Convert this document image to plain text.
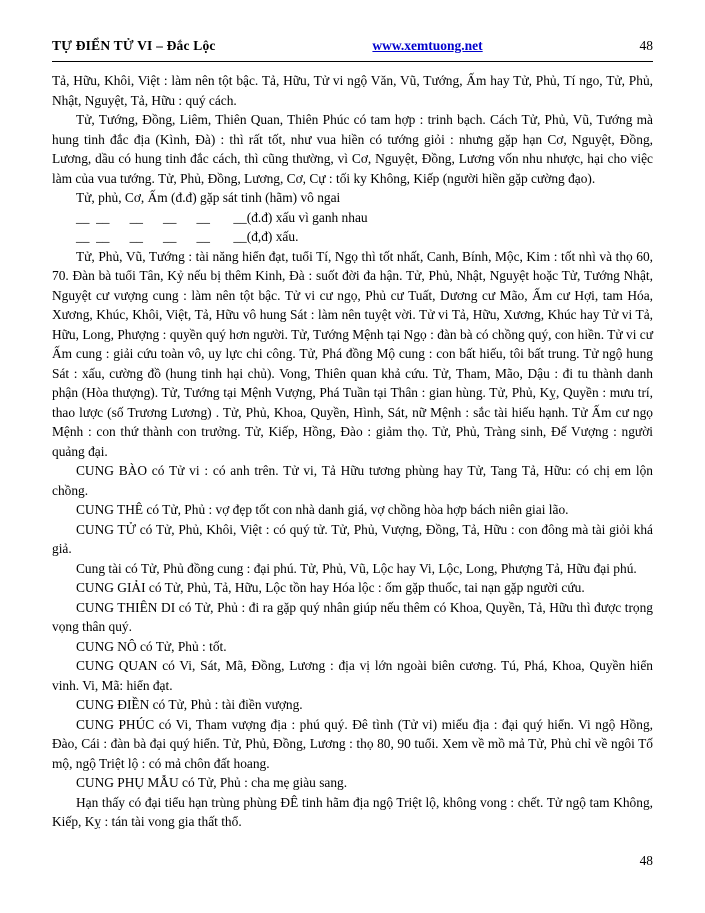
TỰ ĐIỂN TỬ VI – Đắc Lộc	www.xemtuong.net	48

Tả, Hữu, Khôi, Việt : làm nên tột bậc. Tả, Hữu, Tử vi ngộ Văn, Vũ, Tướng, Ấm hay Tử, Phủ, Tí ngo, Tử, Phủ, Nhật, Nguyệt, Tả, Hữu : quý cách.

Tử, Tướng, Đồng, Liêm, Thiên Quan, Thiên Phúc có tam hợp : trinh bạch. Cách Tử, Phủ, Vũ, Tướng mà hung tinh đắc địa (Kình, Đà) : thì rất tốt, như vua hiền có tướng giỏi : nhưng gặp hạn Cơ, Nguyệt, Đồng, Lương, dầu có hung tinh đắc cách, thì cũng thường, vì Cơ, Nguyệt, Đồng, Lương vốn nhu nhược, hại cho việc làm của vua tướng. Tử, Phủ, Đồng, Lương, Cơ, Cự : tối ky Không, Kiếp (người hiền gặp cường đạo).

Tử, phủ, Cơ, Ấm (đ.đ) gặp sát tinh (hãm) vô ngai

__  __      __      __      __       __(đ.đ) xấu vì ganh nhau

__  __      __      __      __       __(đ,đ) xấu.

Tử, Phủ, Vũ, Tướng : tài năng hiển đạt, tuổi Tí, Ngọ thì tốt nhất, Canh, Bính, Mộc, Kim : tốt nhì và thọ 60, 70. Đàn bà tuổi Tân, Kỷ nếu bị thêm Kinh, Đà : suốt đời đa hận. Tử, Phủ, Nhật, Nguyệt hoặc Tử, Tướng Nhật, Nguyệt cư vượng cung : làm nên tột bậc. Tử vi cư ngọ, Phủ cư Tuất, Dương cư Mão, Ấm cư Hợi, tam Hóa, Xương, Khúc, Khôi, Việt, Tả, Hữu vô hung Sát : làm nên tuyệt vời. Tử vi Tả, Hữu, Xương, Khúc hay Tử vi Tả, Hữu, Long, Phượng : quyền quý hơn người. Tử, Tướng Mệnh tại Ngọ : đàn bà có chồng quý, con hiền. Tử vi cư Ấm cung : giải cứu toàn vô, uy lực chi công. Tử, Phá đồng Mộ cung : con bất hiếu, tôi bất trung. Tử ngộ hung Sát : xấu, cường đồ (hung tinh hại chủ). Vong, Thiên quan khả cứu. Tử, Tham, Mão, Dậu : đi tu thành danh phận (Hòa thượng). Tử, Tướng tại Mệnh Vượng, Phá Tuần tại Thân : gian hùng. Tử, Phủ, Kỵ, Quyền : mưu trí, thao lược (số Trương Lương) . Tử, Phủ, Khoa, Quyền, Hình, Sát, nữ Mệnh : sắc tài hiếu hạnh. Tử Ấm cư ngọ Mệnh : con thứ thành con trưởng. Tử, Kiếp, Hồng, Đào : giảm thọ. Tử, Phủ, Tràng sinh, Đế Vượng : người quảng đại.

CUNG BÀO có Tử vi : có anh trên. Tử vi, Tả Hữu tương phùng hay Tử, Tang Tả, Hữu: có chị em lộn chồng.

CUNG THÊ có Tử, Phủ : vợ đẹp tốt con nhà danh giá, vợ chồng hòa hợp bách niên giai lão.

CUNG TỬ có Tử, Phủ, Khôi, Việt : có quý tử. Tử, Phủ, Vượng, Đồng, Tả, Hữu : con đông mà tài giỏi khá giả.

Cung tài có Tử, Phủ đồng cung : đại phú. Tử, Phủ, Vũ, Lộc hay Vi, Lộc, Long, Phượng Tả, Hữu đại phú.

CUNG GIẢI có Tử, Phủ, Tả, Hữu, Lộc tồn hay Hóa lộc : ốm gặp thuốc, tai nạn gặp người cứu.

CUNG THIÊN DI có Tử, Phủ : đi ra gặp quý nhân giúp nếu thêm có Khoa, Quyền, Tả, Hữu thì được trọng vọng thân quý.

CUNG NÔ có Tử, Phủ : tốt.

CUNG QUAN có Vi, Sát, Mã, Đồng, Lương : địa vị lớn ngoài biên cương. Tú, Phá, Khoa, Quyền hiển vinh. Vi, Mã: hiển đạt.

CUNG ĐIỀN có Tử, Phủ : tài điền vượng.

CUNG PHÚC có Vi, Tham vượng địa : phú quý. Đê tình (Tử vi) miếu địa : đại quý hiển. Vi ngộ Hồng, Đào, Cái : đàn bà đại quý hiển. Tử, Phủ, Đồng, Lương : thọ 80, 90 tuổi. Xem về mồ mả Tử, Phủ chỉ về ngôi Tố mộ, ngộ Triệt lộ : có mả chôn đất hoang.

CUNG PHỤ MẪU có Tử, Phủ : cha mẹ giàu sang.

Hạn thấy có đại tiểu hạn trùng phùng ĐÊ tinh hãm địa ngộ Triệt lộ, không vong : chết. Tử ngộ tam Không, Kiếp, Kỵ : tán tài vong gia thất thổ.

48
